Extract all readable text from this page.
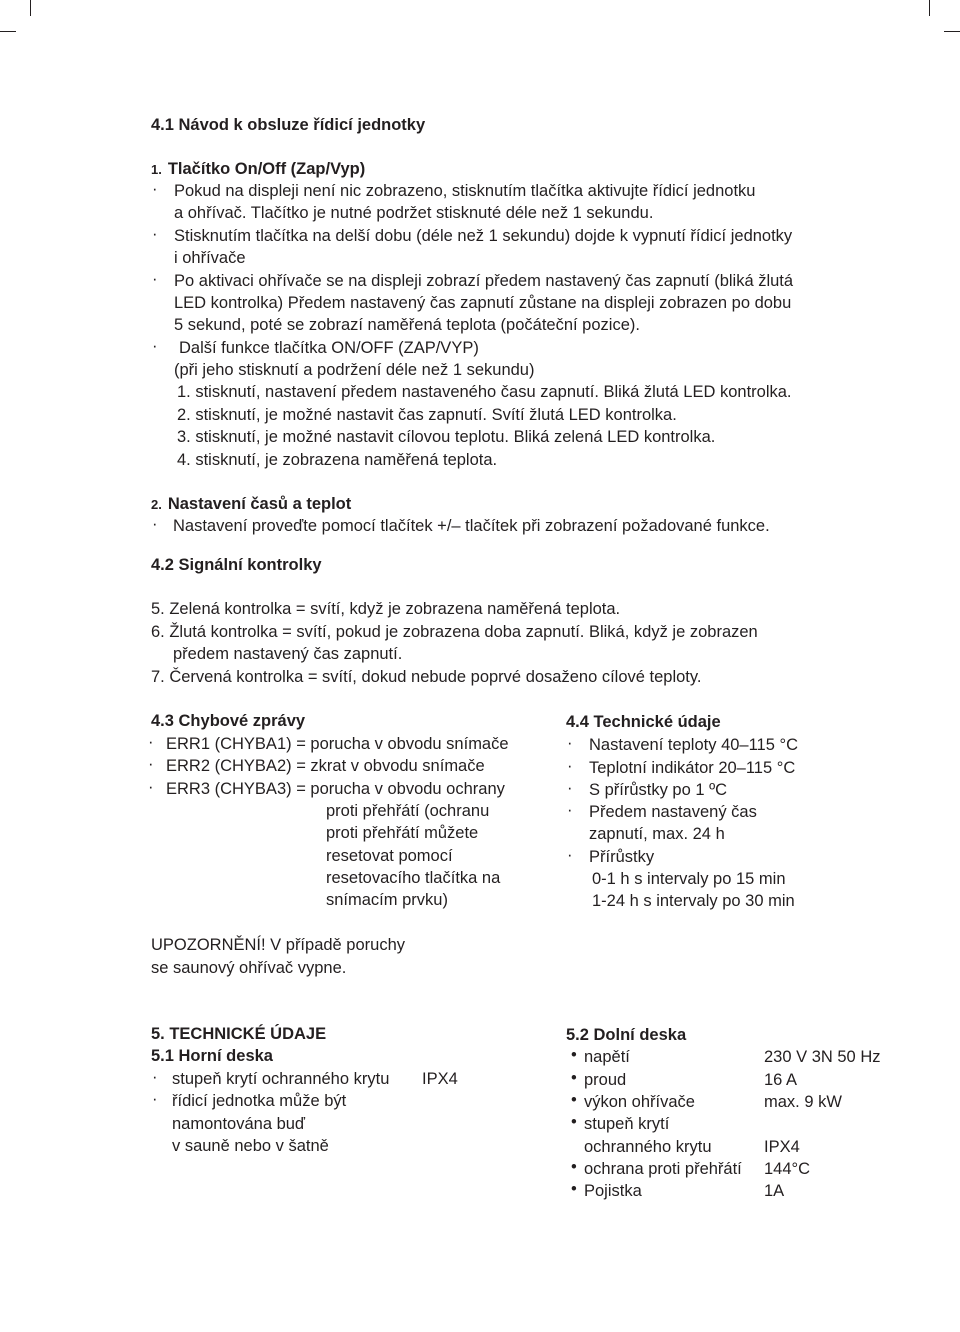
4.1 Návod k obsluze řídicí jednotky
1. Tlačítko On/Off (Zap/Vyp)
· Pokud na displeji není nic zobrazeno, stisknutím tlačítka aktivujte řídicí jednotku
a ohřívač. Tlačítko je nutné podržet stisknuté déle než 1 sekundu.
· Stisknutím tlačítka na delší dobu (déle než 1 sekundu) dojde k vypnutí řídicí jednotky
i ohřívače
· Po aktivaci ohřívače se na displeji zobrazí předem nastavený čas zapnutí (bliká žlutá
LED kontrolka) Předem nastavený čas zapnutí zůstane na displeji zobrazen po dobu
5 sekund, poté se zobrazí naměřená teplota (počáteční pozice).
· Další funkce tlačítka ON/OFF (ZAP/VYP)
(při jeho stisknutí a podržení déle než 1 sekundu)
1. stisknutí, nastavení předem nastaveného času zapnutí. Bliká žlutá LED kontrolka.
2. stisknutí, je možné nastavit čas zapnutí. Svítí žlutá LED kontrolka.
3. stisknutí, je možné nastavit cílovou teplotu. Bliká zelená LED kontrolka.
4. stisknutí, je zobrazena naměřená teplota.
2. Nastavení časů a teplot
· Nastavení proveďte pomocí tlačítek +/– tlačítek při zobrazení požadované funkce.
4.2 Signální kontrolky
5. Zelená kontrolka = svítí, když je zobrazena naměřená teplota.
6. Žlutá kontrolka = svítí, pokud je zobrazena doba zapnutí. Bliká, když je zobrazen
předem nastavený čas zapnutí.
7. Červená kontrolka = svítí, dokud nebude poprvé dosaženo cílové teploty.
4.3 Chybové zprávy
· ERR1 (CHYBA1) = porucha v obvodu snímače
· ERR2 (CHYBA2) = zkrat v obvodu snímače
· ERR3 (CHYBA3) = porucha v obvodu ochrany
proti přehřátí (ochranu
proti přehřátí můžete
resetovat pomocí
resetovacího tlačítka na
snímacím prvku)
4.4 Technické údaje
· Nastavení teploty 40–115 °C
· Teplotní indikátor 20–115 °C
· S přírůstky po 1 ºC
· Předem nastavený čas
zapnutí, max. 24 h
· Přírůstky
0-1 h s intervaly po 15 min
1-24 h s intervaly po 30 min
UPOZORNĚNÍ! V případě poruchy
se saunový ohřívač vypne.
5. TECHNICKÉ ÚDAJE
5.1 Horní deska
· stupeň krytí ochranného krytu IPX4
· řídicí jednotka může být
namontována buď
v sauně nebo v šatně
5.2 Dolní deska
• napětí	230 V 3N 50 Hz
• proud	16 A
• výkon ohřívače	max. 9 kW
• stupeň krytí
ochranného krytu	IPX4
• ochrana proti přehřátí 144°C
• Pojistka	1A
